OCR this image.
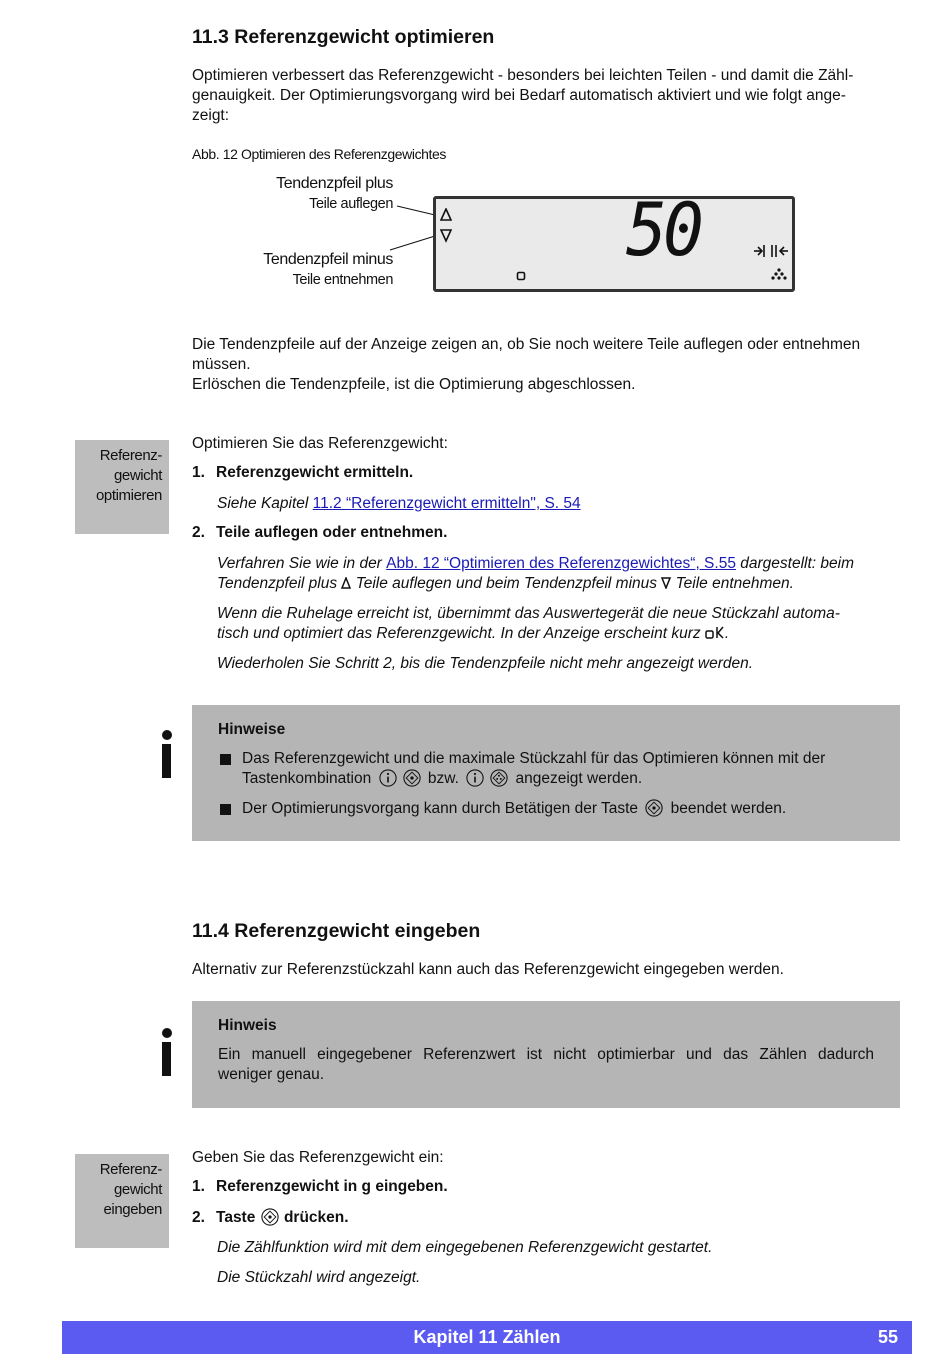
11.3 Referenzgewicht optimieren

Optimieren verbessert das Referenzgewicht - besonders bei leichten Teilen - und damit die Zähl-

genauigkeit. Der Optimierungsvorgang wird bei Bedarf automatisch aktiviert und wie folgt ange-

zeigt:

Abb. 12 Optimieren des Referenzgewichtes
Tendenzpfeil plus
Teile auflegen
Tendenzpfeil minus
Teile entnehmen
50

Die Tendenzpfeile auf der Anzeige zeigen an, ob Sie noch weitere Teile auflegen oder entnehmen

müssen.

Erlöschen die Tendenzpfeile, ist die Optimierung abgeschlossen.

Referenz-
gewicht
optimieren

Optimieren Sie das Referenzgewicht:

1. Referenzgewicht ermitteln.

Siehe Kapitel 11.2 “Referenzgewicht ermitteln", S. 54

2. Teile auflegen oder entnehmen.

Verfahren Sie wie in der Abb. 12 “Optimieren des Referenzgewichtes“, S.55 dargestellt: beim

Tendenzpfeil plus  Teile auflegen und beim Tendenzpfeil minus  Teile entnehmen.

Wenn die Ruhelage erreicht ist, übernimmt das Auswertegerät die neue Stückzahl automa-

tisch und optimiert das Referenzgewicht. In der Anzeige erscheint kurz .

Wiederholen Sie Schritt 2, bis die Tendenzpfeile nicht mehr angezeigt werden.

Hinweise
Das Referenzgewicht und die maximale Stückzahl für das Optimieren können mit der
Tastenkombination	bzw.	angezeigt werden.
Der Optimierungsvorgang kann durch Betätigen der Taste  beendet werden.
11.4 Referenzgewicht eingeben

Alternativ zur Referenzstückzahl kann auch das Referenzgewicht eingegeben werden.

Hinweis

Ein manuell eingegebener Referenzwert ist nicht optimierbar und das Zählen dadurch

weniger genau.

Referenz-
gewicht
eingeben

Geben Sie das Referenzgewicht ein:

1. Referenzgewicht in g eingeben.
2. Taste  drücken.

Die Zählfunktion wird mit dem eingegebenen Referenzgewicht gestartet.

Die Stückzahl wird angezeigt.

Kapitel 11 Zählen	55
